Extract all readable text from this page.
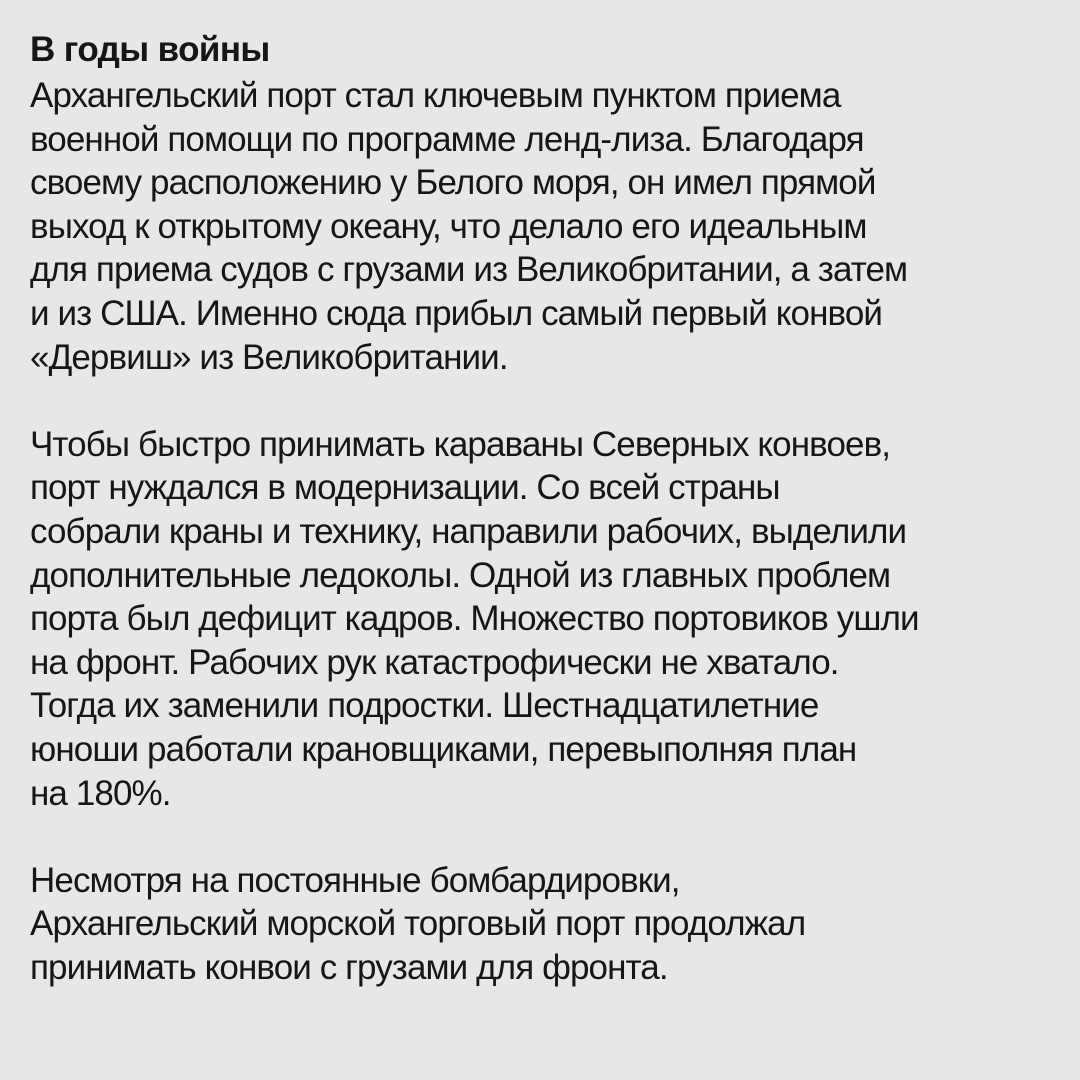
В годы войны

Архангельский порт стал ключевым пунктом приема
военной помощи по программе ленд-лиза. Благодаря
своему расположению у Белого моря, он имел прямой
выход к открытому океану, что делало его идеальным
для приема судов с грузами из Великобритании, а затем
и из США. Именно сюда прибыл самый первый конвой
«Дервиш» из Великобритании.

Чтобы быстро принимать караваны Северных конвоев,
порт нуждался в модернизации. Со всей страны
собрали краны и технику, направили рабочих, выделили
дополнительные ледоколы. Одной из главных проблем
порта был дефицит кадров. Множество портовиков ушли
на фронт. Рабочих рук катастрофически не хватало.
Тогда их заменили подростки. Шестнадцатилетние
юноши работали крановщиками, перевыполняя план
на 180%.

Несмотря на постоянные бомбардировки,
Архангельский морской торговый порт продолжал
принимать конвои с грузами для фронта.
